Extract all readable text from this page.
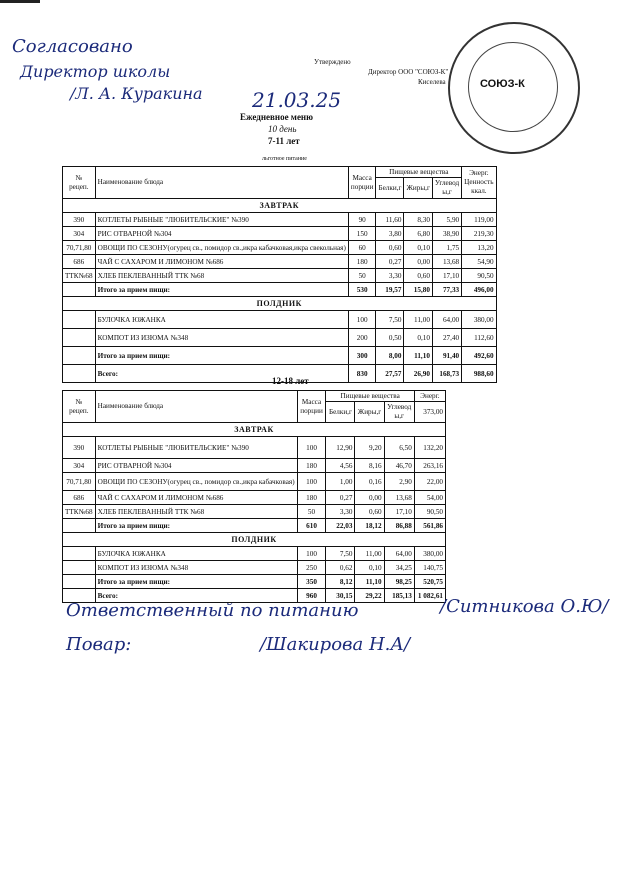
Согласовано
Директор школы
/Л. А. Куракина
Утверждено
Директор ООО "СОЮЗ-К"
Киселева	СОЮЗ-К
21.03.25
Ежедневное меню
10 день
7-11 лет
льготное питание
№ рецеп.	Наименование блюда	Масса порции	Пищевые вещества			Энерг. Ценность ккал.
			Белки,г	Жиры,г	Углевод ы,г	
ЗАВТРАК						
390	КОТЛЕТЫ РЫБНЫЕ "ЛЮБИТЕЛЬСКИЕ" №390	90	11,60	8,30	5,90	119,00
304	РИС ОТВАРНОЙ №304	150	3,80	6,80	38,90	219,30
70,71,80	ОВОЩИ ПО СЕЗОНУ(огурец св., помидор св.,икра кабачковая,икра свекольная)	60	0,60	0,10	1,75	13,20
686	ЧАЙ С САХАРОМ И ЛИМОНОМ №686	180	0,27	0,00	13,68	54,90
ТТК№68	ХЛЕБ ПЕКЛЕВАННЫЙ ТТК №68	50	3,30	0,60	17,10	90,50
	Итого за прием пищи:	530	19,57	15,80	77,33	496,00
ПОЛДНИК						
	БУЛОЧКА ЮЖАНКА	100	7,50	11,00	64,00	380,00
	КОМПОТ ИЗ ИЗЮМА №348	200	0,50	0,10	27,40	112,60
	Итого за прием пищи:	300	8,00	11,10	91,40	492,60
	Всего:	830	27,57	26,90	168,73	988,60
12-18 лет
№ рецеп.	Наименование блюда	Масса порции	Пищевые вещества			Энерг.
			Белки,г	Жиры,г	Углевод ы,г	373,00
ЗАВТРАК						
390	КОТЛЕТЫ РЫБНЫЕ "ЛЮБИТЕЛЬСКИЕ" №390	100	12,90	9,20	6,50	132,20
304	РИС ОТВАРНОЙ №304	180	4,56	8,16	46,70	263,16
70,71,80	ОВОЩИ ПО СЕЗОНУ(огурец св., помидор св.,икра кабачковая)	100	1,00	0,16	2,90	22,00
686	ЧАЙ С САХАРОМ И ЛИМОНОМ №686	180	0,27	0,00	13,68	54,00
ТТК№68	ХЛЕБ ПЕКЛЕВАННЫЙ ТТК №68	50	3,30	0,60	17,10	90,50
	Итого за прием пищи:	610	22,03	18,12	86,88	561,86
ПОЛДНИК						
	БУЛОЧКА ЮЖАНКА	100	7,50	11,00	64,00	380,00
	КОМПОТ ИЗ ИЗЮМА №348	250	0,62	0,10	34,25	140,75
	Итого за прием пищи:	350	8,12	11,10	98,25	520,75
	Всего:	960	30,15	29,22	185,13	1 082,61
Ответственный по питанию	/Ситникова О.Ю/
Повар:	/Шакирова Н.А/
